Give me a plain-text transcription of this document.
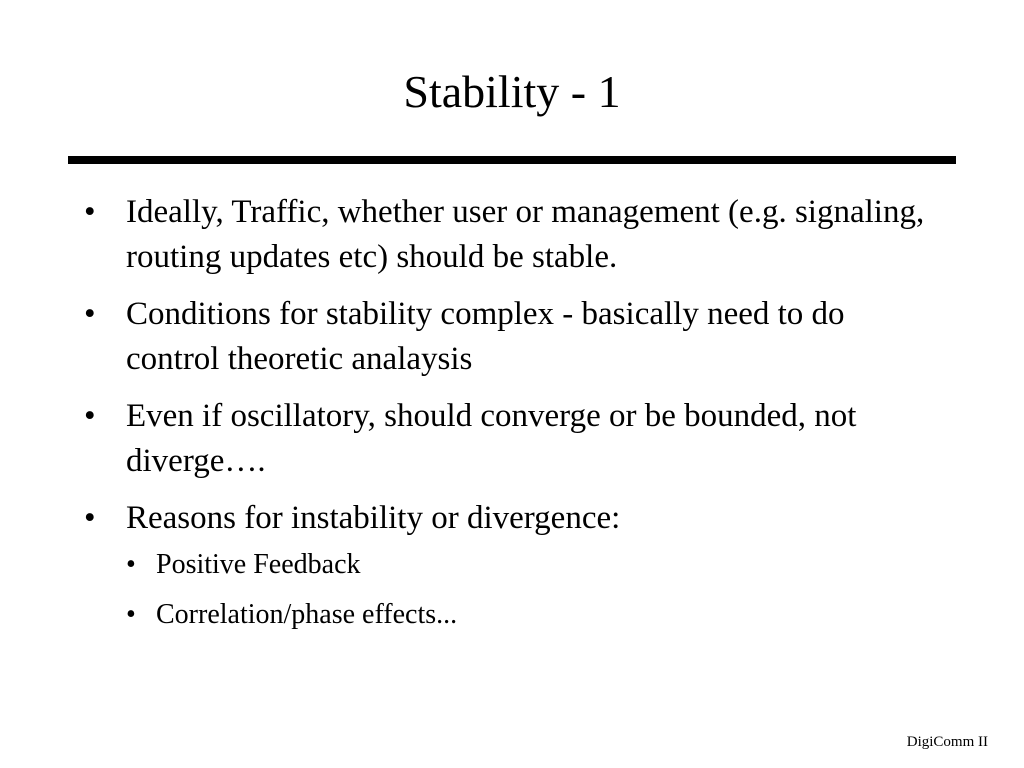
Stability - 1
• Ideally, Traffic, whether user or management (e.g. signaling, routing updates etc) should be stable.
• Conditions for stability complex - basically need to do control theoretic analaysis
• Even if oscillatory, should converge or be bounded, not diverge….
• Reasons for instability or divergence:
• Positive Feedback
• Correlation/phase effects...
DigiComm II
